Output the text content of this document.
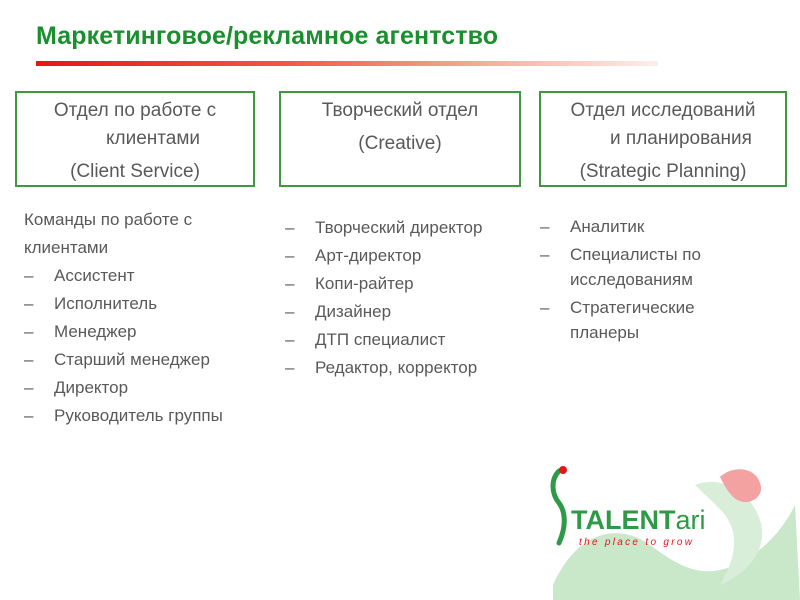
Маркетинговое/рекламное агентство
Отдел по работе с
клиентами
(Client Service)
Творческий отдел
(Creative)
Отдел исследований
и планирования
(Strategic Planning)
Команды по работе с
клиентами
– Ассистент
– Исполнитель
– Менеджер
– Старший менеджер
– Директор
– Руководитель группы
– Творческий директор
– Арт-директор
– Копи-райтер
– Дизайнер
– ДТП специалист
– Редактор, корректор
– Аналитик
– Специалисты по
исследованиям
– Стратегические
планеры
TALENTari
the place to grow
